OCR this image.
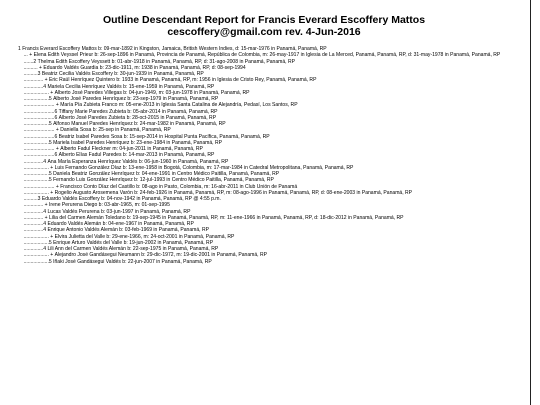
Outline Descendant Report for Francis Everard Escoffery Mattos
cescoffery@gmail.com rev. 4-Jun-2016
1 Francis Everard Escoffery Mattos b: 09-mar-1892 in Kingston, Jamaica, British Western Indies, d: 15-mar-1976 in Panamá, Panamá, RP
... + Elena Edith Veyssel Prieur b: 26-sep-1896 in Panamá, Provincia de Panamá, República de Colombia, m: 26-may-1917 in Iglesia de La Merced, Panamá, Panamá, RP, d: 31-may-1978 in Panamá, Panamá, RP
.......2 Thelma Edith Escoffery Veyssett b: 01-abr-1918 in Panamá, Panamá, RP, d: 31-ago-2008 in Panamá, Panamá, RP
.......... + Eduardo Valdés Guardia b: 23-dic-1911, m: 1938 in Panamá, Panamá, RP, d: 08-sep-1994
..........3 Beatriz Cecilia Valdés Escoffery b: 30-jun-1939 in Panamá, Panamá, RP
.............. + Eric Raúl Henríquez Quintero b: 1933 in Panamá, Panamá, RP, m: 1956 in Iglesia de Cristo Rey, Panamá, Panamá, RP
..............4 Mariela Cecilia Henríquez Valdés b: 15-ene-1959 in Panamá, Panamá, RP
.................. + Alberto José Paredes Villegas b: 04-jun-1949, m: 03-jun-1978 in Panamá, Panamá, RP
..................5 Alberto José Paredes Henríquez b: 23-sep-1979 in Panamá, Panamá, RP
...................... + María Pía Zubieta Franco m: 05-ene-2013 in Iglesia Santa Catalina de Alejandría, Pedasí, Los Santos, RP
......................6 Tiffany Marie Paredes Zubieta b: 05-abr-2014 in Panamá, Panamá, RP
......................6 Alberto José Paredes Zubieta b: 28-oct-2015 in Panamá, Panamá, RP
..................5 Alfonso Manuel Paredes Henríquez b: 24-mar-1982 in Panamá, Panamá, RP
...................... + Daniella Sosa b: 25-sep in Panamá, Panamá, RP
......................6 Beatriz Isabel Paredes Sosa b: 15-sep-2014 in Hospital Punta Pacífica, Panamá, Panamá, RP
..................5 Mariela Isabel Paredes Henríquez b: 23-ene-1984 in Panamá, Panamá, RP
...................... + Alberto Fadul Fleckner m: 04-jun-2011 in Panamá, Panamá, RP
......................6 Alberto Elías Fadul Paredes b: 14-mar-2013 in Panamá, Panamá, RP
..............4 Ana María Esperanza Henríquez Valdés b: 06-jun-1960 in Panamá, Panamá, RP
.................. + Luis Fernando González Díaz b: 13-ene-1958 in Bogotá, Colombia, m: 17-mar-1984 in Catedral Metropolitana, Panamá, Panamá, RP
..................5 Daniela Beatriz González Henríquez b: 04-ene-1991 in Centro Médico Paitilla, Panamá, Panamá, RP
..................5 Fernando Luis González Henríquez b: 12-jul-1993 in Centro Médico Paitilla, Panamá, Panamá, RP
...................... + Francisco Conto Díaz del Castillo b: 08-ago in Pasto, Colombia, m: 16-abr-2011 in Club Unión de Panamá
.................. + Rogelio Augusto Arosemena Varón b: 24-feb-1926 in Panamá, Panamá, RP, m: 08-ago-1996 in Panamá, Panamá, RP, d: 08-ene-2003 in Panamá, Panamá, RP
..........3 Eduardo Valdés Escoffery b: 04-nov-1942 in Panamá, Panamá, RP @ 4:55 p.m.
.............. + Irene Perurena Diego b: 03-abr-1965, m: 01-sep-1995
..............4 Lucas Valdés Perurena b: 03-jun-1997 in Panamá, Panamá, RP
.............. + Lilia del Carmen Alemán Toledano b: 19-sep-1945 in Panamá, Panamá, RP, m: 11-ene-1966 in Panamá, Panamá, RP, d: 18-dic-2012 in Panamá, Panamá, RP
..............4 Eduardo Valdés Alemán b: 04-ene-1967 in Panamá, Panamá, RP
..............4 Enrique Antonio Valdés Alemán b: 03-feb-1969 in Panamá, Panamá, RP
.................. + Elvira Julietta del Valle b: 29-ene-1966, m: 24-oct-2001 in Panamá, Panamá, RP
..................5 Enrique Arturo Valdés del Valle b: 19-jun-2002 in Panamá, Panamá, RP
..............4 Lili Ann del Carmen Valdés Alemán b: 22-sep-1975 in Panamá, Panamá, RP
.................. + Alejandro José Gandásegui Neumann b: 29-dic-1972, m: 19-dic-2001 in Panamá, Panamá, RP
..................5 Iñaki José Gandásegui Valdés b: 22-jun-2007 in Panamá, Panamá, RP
